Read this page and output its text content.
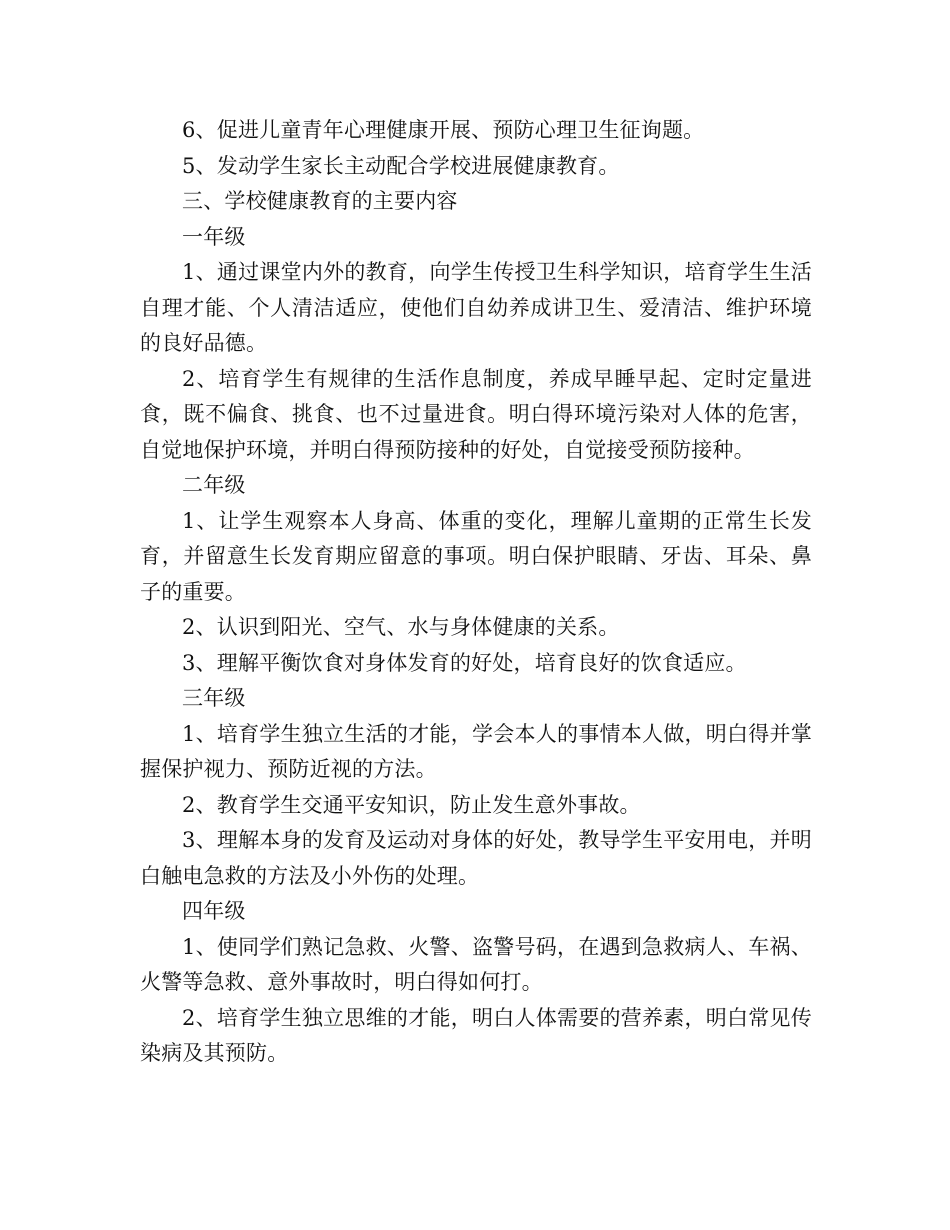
6、促进儿童青年心理健康开展、预防心理卫生征询题。

5、发动学生家长主动配合学校进展健康教育。

三、学校健康教育的主要内容

一年级

1、通过课堂内外的教育，向学生传授卫生科学知识，培育学生生活自理才能、个人清洁适应，使他们自幼养成讲卫生、爱清洁、维护环境的良好品德。

2、培育学生有规律的生活作息制度，养成早睡早起、定时定量进食，既不偏食、挑食、也不过量进食。明白得环境污染对人体的危害，自觉地保护环境，并明白得预防接种的好处，自觉接受预防接种。

二年级

1、让学生观察本人身高、体重的变化，理解儿童期的正常生长发育，并留意生长发育期应留意的事项。明白保护眼睛、牙齿、耳朵、鼻子的重要。

2、认识到阳光、空气、水与身体健康的关系。

3、理解平衡饮食对身体发育的好处，培育良好的饮食适应。

三年级

1、培育学生独立生活的才能，学会本人的事情本人做，明白得并掌握保护视力、预防近视的方法。

2、教育学生交通平安知识，防止发生意外事故。

3、理解本身的发育及运动对身体的好处，教导学生平安用电，并明白触电急救的方法及小外伤的处理。

四年级

1、使同学们熟记急救、火警、盗警号码，在遇到急救病人、车祸、火警等急救、意外事故时，明白得如何打。

2、培育学生独立思维的才能，明白人体需要的营养素，明白常见传染病及其预防。
